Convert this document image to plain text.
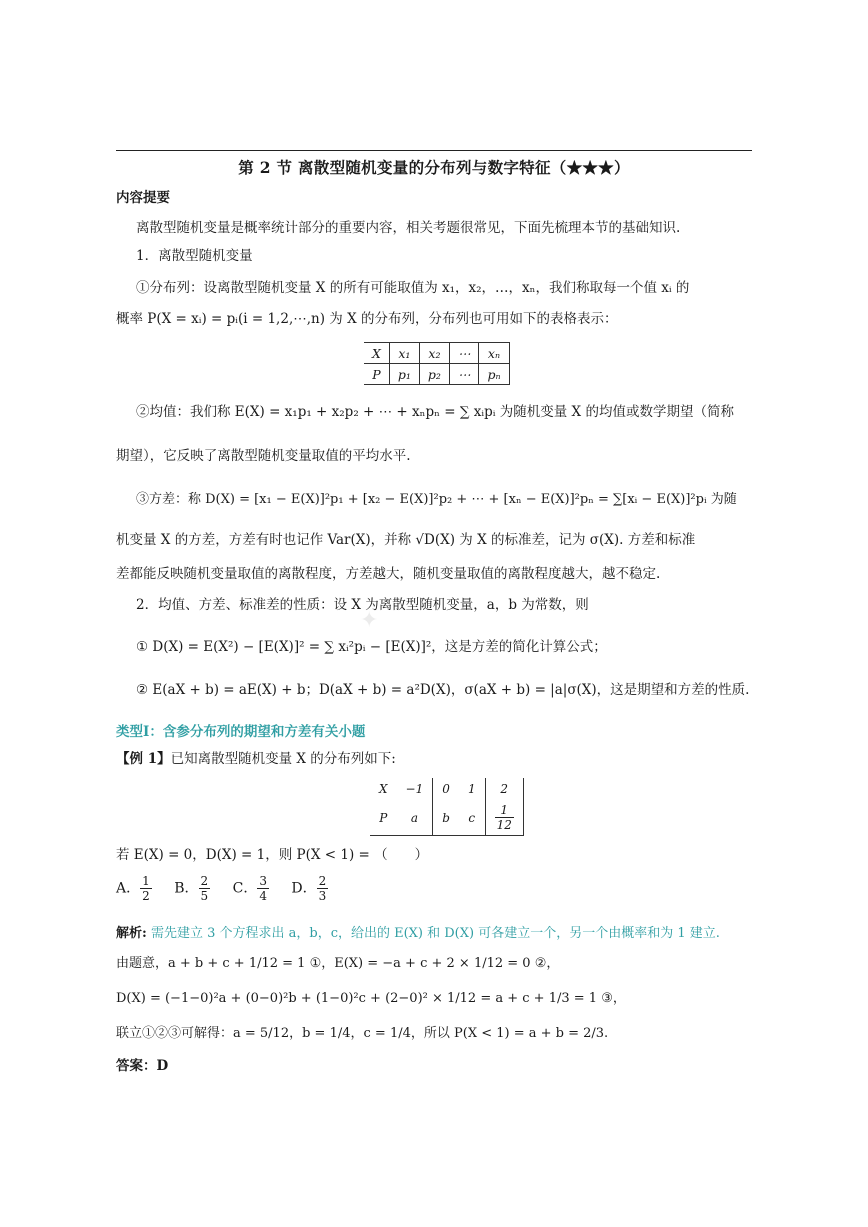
第 2 节 离散型随机变量的分布列与数字特征（★★★）
内容提要
离散型随机变量是概率统计部分的重要内容，相关考题很常见，下面先梳理本节的基础知识.
1．离散型随机变量
①分布列：设离散型随机变量 X 的所有可能取值为 x₁，x₂，…，xₙ，我们称取每一个值 xᵢ 的
概率 P(X = xᵢ) = pᵢ(i = 1,2,⋯,n) 为 X 的分布列，分布列也可用如下的表格表示：
X	x₁	x₂	⋯	xₙ
P	p₁	p₂	⋯	pₙ
②均值：我们称 E(X) = x₁p₁ + x₂p₂ + ⋯ + xₙpₙ = ∑ xᵢpᵢ 为随机变量 X 的均值或数学期望（简称
期望），它反映了离散型随机变量取值的平均水平.
③方差：称 D(X) = [x₁ − E(X)]²p₁ + [x₂ − E(X)]²p₂ + ⋯ + [xₙ − E(X)]²pₙ = ∑[xᵢ − E(X)]²pᵢ 为随
机变量 X 的方差，方差有时也记作 Var(X)，并称 √D(X) 为 X 的标准差，记为 σ(X). 方差和标准
差都能反映随机变量取值的离散程度，方差越大，随机变量取值的离散程度越大，越不稳定.
2．均值、方差、标准差的性质：设 X 为离散型随机变量，a，b 为常数，则
✦
① D(X) = E(X²) − [E(X)]² = ∑ xᵢ²pᵢ − [E(X)]²，这是方差的简化计算公式；
② E(aX + b) = aE(X) + b；D(aX + b) = a²D(X)，σ(aX + b) = |a|σ(X)，这是期望和方差的性质.
类型Ⅰ：含参分布列的期望和方差有关小题
【例 1】已知离散型随机变量 X 的分布列如下:
X	−1	0	1	2
P	a	b	c	$\frac{1}{12}$
若 E(X) = 0，D(X) = 1，则 P(X < 1) = （　　）
A． $\frac{1}{2}$ B． $\frac{2}{5}$ C． $\frac{3}{4}$ D． $\frac{2}{3}$
解析: 需先建立 3 个方程求出 a，b，c，给出的 E(X) 和 D(X) 可各建立一个，另一个由概率和为 1 建立.
由题意，a + b + c + 1/12 = 1 ①，E(X) = −a + c + 2 × 1/12 = 0 ②，
D(X) = (−1−0)²a + (0−0)²b + (1−0)²c + (2−0)² × 1/12 = a + c + 1/3 = 1 ③，
联立①②③可解得：a = 5/12，b = 1/4，c = 1/4，所以 P(X < 1) = a + b = 2/3.
答案：D
